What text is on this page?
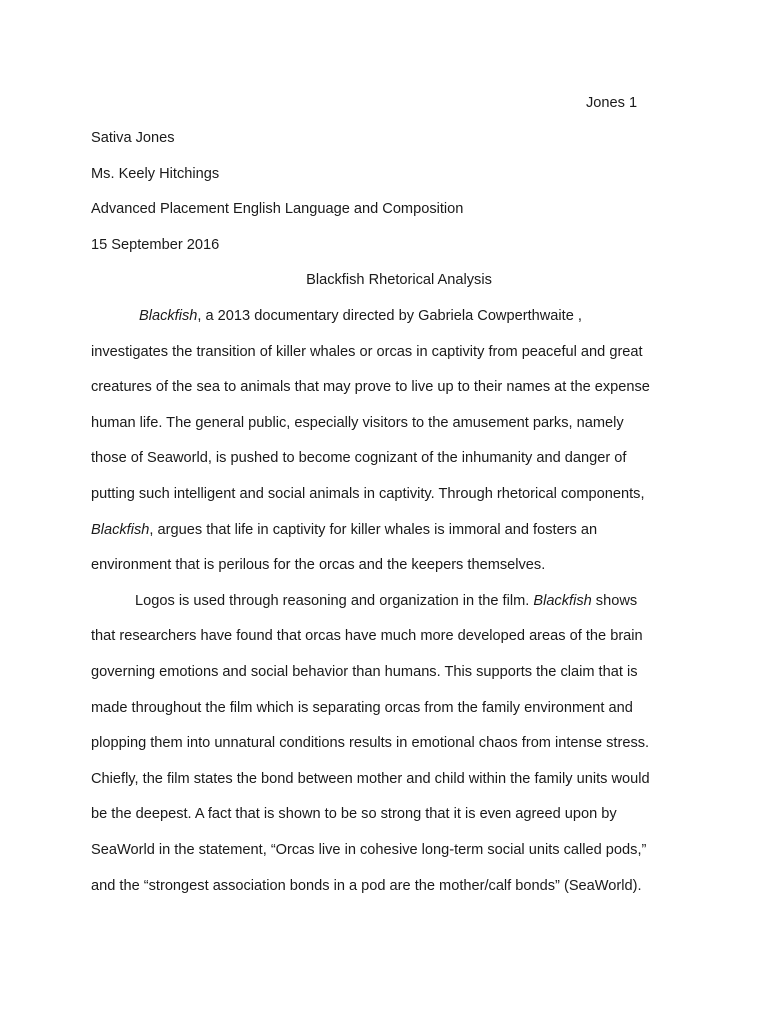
Jones 1
Sativa Jones
Ms. Keely Hitchings
Advanced Placement English Language and Composition
15 September 2016
Blackfish Rhetorical Analysis
Blackfish, a 2013 documentary directed by Gabriela Cowperthwaite ,
investigates the transition of killer whales or orcas in captivity from peaceful and great
creatures of the sea to animals that may prove to live up to their names at the expense
human life. The general public, especially visitors to the amusement parks, namely
those of Seaworld, is pushed to become cognizant of the inhumanity and danger of
putting such intelligent and social animals in captivity. Through rhetorical components,
Blackfish, argues that life in captivity for killer whales is immoral and fosters an
environment that is perilous for the orcas and the keepers themselves.
Logos is used through reasoning and organization in the film. Blackfish shows
that researchers have found that orcas have much more developed areas of the brain
governing emotions and social behavior than humans. This supports the claim that is
made throughout the film which is separating orcas from the family environment and
plopping them into unnatural conditions results in emotional chaos from intense stress.
Chiefly, the film states the bond between mother and child within the family units would
be the deepest. A fact that is shown to be so strong that it is even agreed upon by
SeaWorld in the statement, “Orcas live in cohesive long-term social units called pods,”
and the “strongest association bonds in a pod are the mother/calf bonds” (SeaWorld).
